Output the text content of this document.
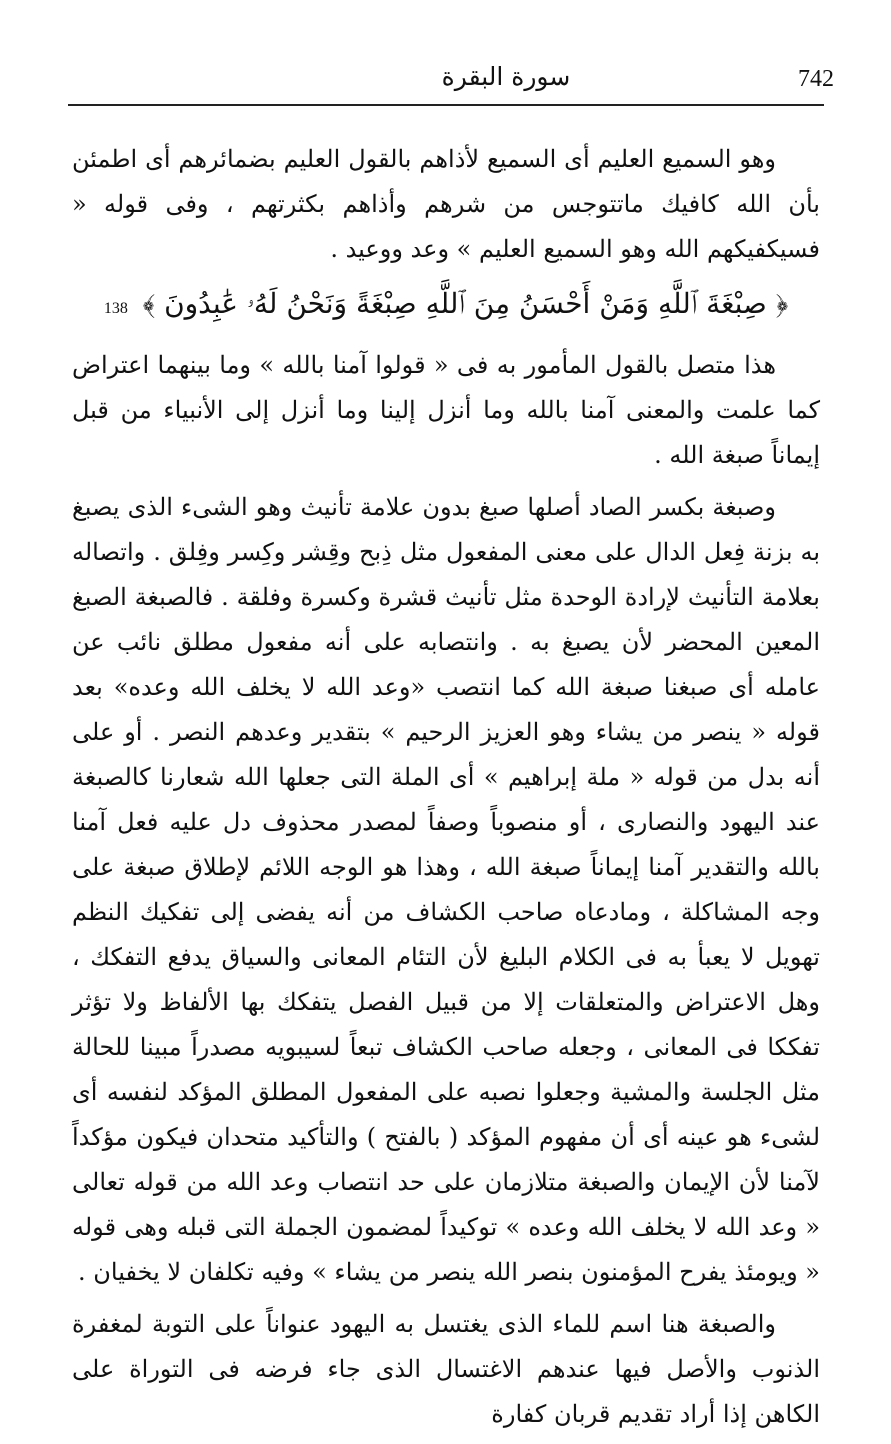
سورة البقرة	742

وهو السميع العليم أى السميع لأذاهم بالقول العليم بضمائرهم أى اطمئن بأن الله كافيك ماتتوجس من شرهم وأذاهم بكثرتهم ، وفى قوله « فسيكفيكهم الله وهو السميع العليم » وعد ووعيد .

﴿ صِبْغَةَ ٱللَّهِ وَمَنْ أَحْسَنُ مِنَ ٱللَّهِ صِبْغَةً وَنَحْنُ لَهُۥ عَٰبِدُونَ ﴾ 138

هذا متصل بالقول المأمور به فى « قولوا آمنا بالله » وما بينهما اعتراض كما علمت والمعنى آمنا بالله وما أنزل إلينا وما أنزل إلى الأنبياء من قبل إيماناً صبغة الله .

وصبغة بكسر الصاد أصلها صبغ بدون علامة تأنيث وهو الشىء الذى يصبغ به بزنة فِعل الدال على معنى المفعول مثل ذِبح وقِشر وكِسر وفِلق . واتصاله بعلامة التأنيث لإرادة الوحدة مثل تأنيث قشرة وكسرة وفلقة . فالصبغة الصبغ المعين المحضر لأن يصبغ به . وانتصابه على أنه مفعول مطلق نائب عن عامله أى صبغنا صبغة الله كما انتصب «وعد الله لا يخلف الله وعده» بعد قوله « ينصر من يشاء وهو العزيز الرحيم » بتقدير وعدهم النصر . أو على أنه بدل من قوله « ملة إبراهيم » أى الملة التى جعلها الله شعارنا كالصبغة عند اليهود والنصارى ، أو منصوباً وصفاً لمصدر محذوف دل عليه فعل آمنا بالله والتقدير آمنا إيماناً صبغة الله ، وهذا هو الوجه اللائم لإطلاق صبغة على وجه المشاكلة ، ومادعاه صاحب الكشاف من أنه يفضى إلى تفكيك النظم تهويل لا يعبأ به فى الكلام البليغ لأن التئام المعانى والسياق يدفع التفكك ، وهل الاعتراض والمتعلقات إلا من قبيل الفصل يتفكك بها الألفاظ ولا تؤثر تفككا فى المعانى ، وجعله صاحب الكشاف تبعاً لسيبويه مصدراً مبينا للحالة مثل الجلسة والمشية وجعلوا نصبه على المفعول المطلق المؤكد لنفسه أى لشىء هو عينه أى أن مفهوم المؤكد ( بالفتح ) والتأكيد متحدان فيكون مؤكداً لآمنا لأن الإيمان والصبغة متلازمان على حد انتصاب وعد الله من قوله تعالى « وعد الله لا يخلف الله وعده » توكيداً لمضمون الجملة التى قبله وهى قوله « ويومئذ يفرح المؤمنون بنصر الله ينصر من يشاء » وفيه تكلفان لا يخفيان .

والصبغة هنا اسم للماء الذى يغتسل به اليهود عنواناً على التوبة لمغفرة الذنوب والأصل فيها عندهم الاغتسال الذى جاء فرضه فى التوراة على الكاهن إذا أراد تقديم قربان كفارة
